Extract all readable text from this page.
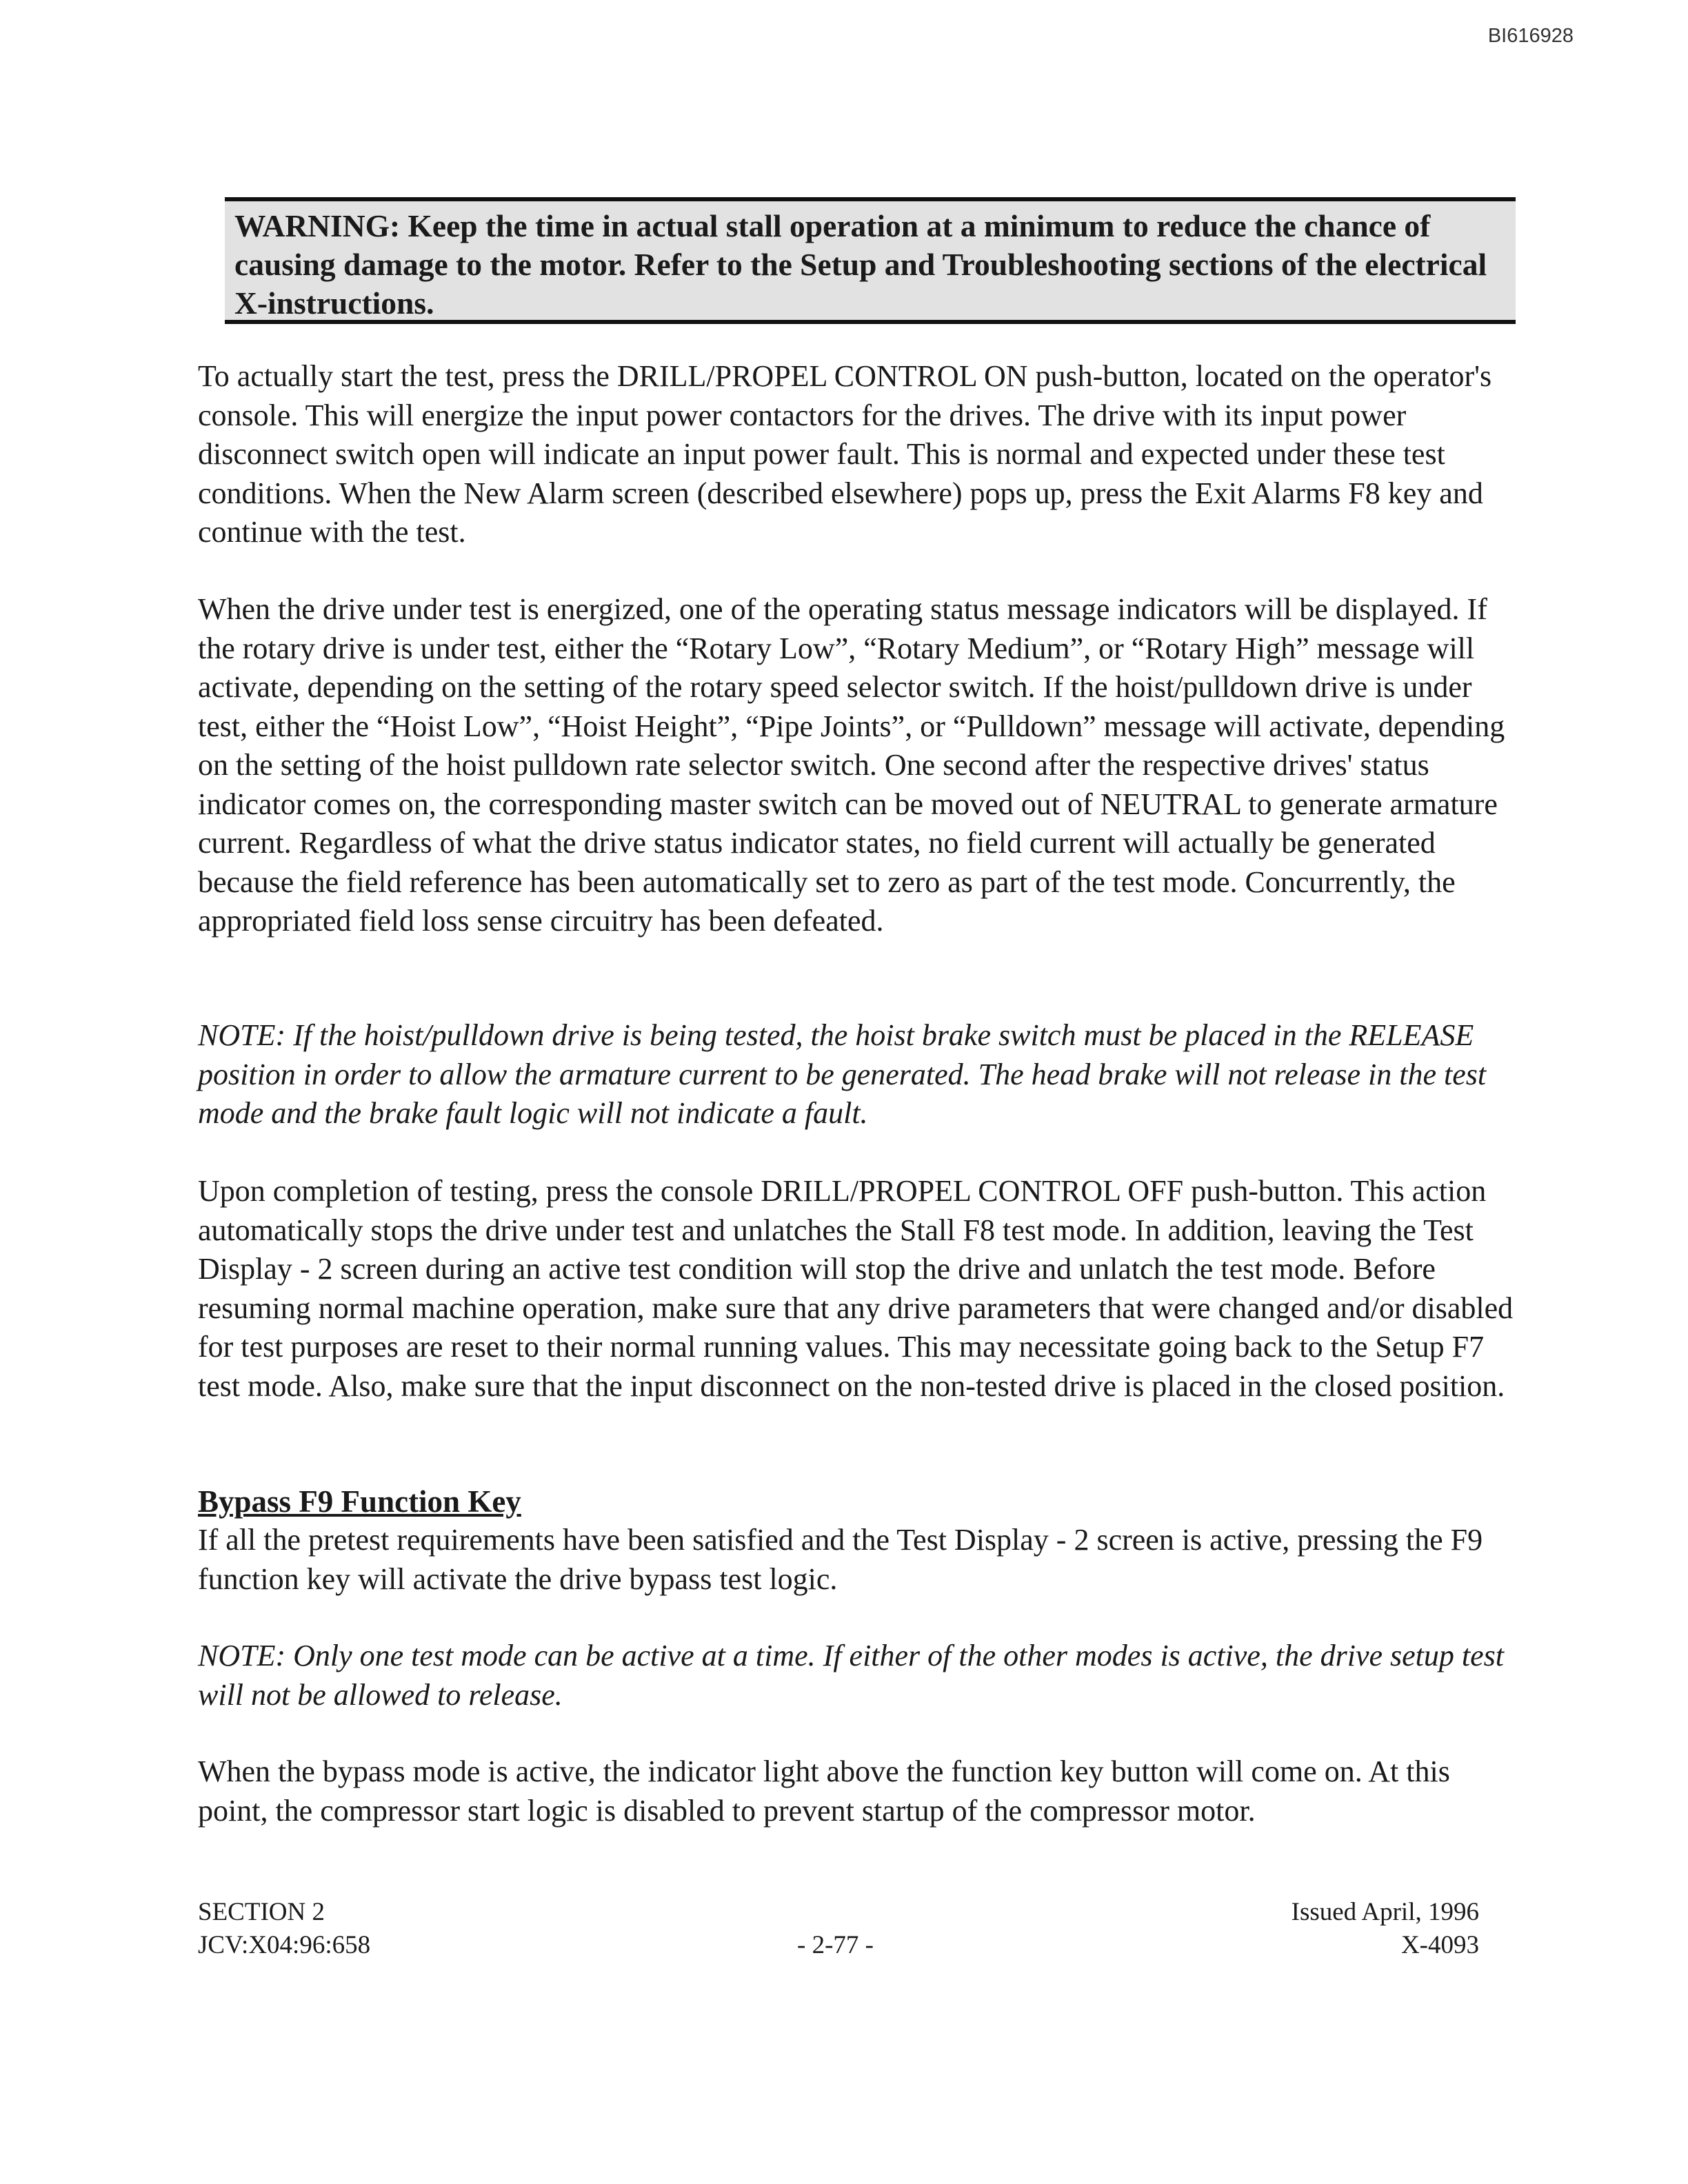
BI616928
WARNING: Keep the time in actual stall operation at a minimum to reduce the chance of causing damage to the motor. Refer to the Setup and Troubleshooting sections of the electrical X-instructions.

To actually start the test, press the DRILL/PROPEL CONTROL ON push-button, located on the operator's console. This will energize the input power contactors for the drives. The drive with its input power disconnect switch open will indicate an input power fault. This is normal and expected under these test conditions. When the New Alarm screen (described elsewhere) pops up, press the Exit Alarms F8 key and continue with the test.

When the drive under test is energized, one of the operating status message indicators will be displayed. If the rotary drive is under test, either the “Rotary Low”, “Rotary Medium”, or “Rotary High” message will activate, depending on the setting of the rotary speed selector switch. If the hoist/pulldown drive is under test, either the “Hoist Low”, “Hoist Height”, “Pipe Joints”, or “Pulldown” message will activate, depending on the setting of the hoist pulldown rate selector switch. One second after the respective drives' status indicator comes on, the corresponding master switch can be moved out of NEUTRAL to generate armature current. Regardless of what the drive status indicator states, no field current will actually be generated because the field reference has been automatically set to zero as part of the test mode. Concurrently, the appropriated field loss sense circuitry has been defeated.

NOTE: If the hoist/pulldown drive is being tested, the hoist brake switch must be placed in the RELEASE position in order to allow the armature current to be generated. The head brake will not release in the test mode and the brake fault logic will not indicate a fault.

Upon completion of testing, press the console DRILL/PROPEL CONTROL OFF push-button. This action automatically stops the drive under test and unlatches the Stall F8 test mode. In addition, leaving the Test Display - 2 screen during an active test condition will stop the drive and unlatch the test mode. Before resuming normal machine operation, make sure that any drive parameters that were changed and/or disabled for test purposes are reset to their normal running values. This may necessitate going back to the Setup F7 test mode. Also, make sure that the input disconnect on the non-tested drive is placed in the closed position.

Bypass F9 Function Key

If all the pretest requirements have been satisfied and the Test Display - 2 screen is active, pressing the F9 function key will activate the drive bypass test logic.

NOTE: Only one test mode can be active at a time. If either of the other modes is active, the drive setup test will not be allowed to release.

When the bypass mode is active, the indicator light above the function key button will come on. At this point, the compressor start logic is disabled to prevent startup of the compressor motor.

SECTION 2
JCV:X04:96:658	- 2-77 -
Issued April, 1996
X-4093
